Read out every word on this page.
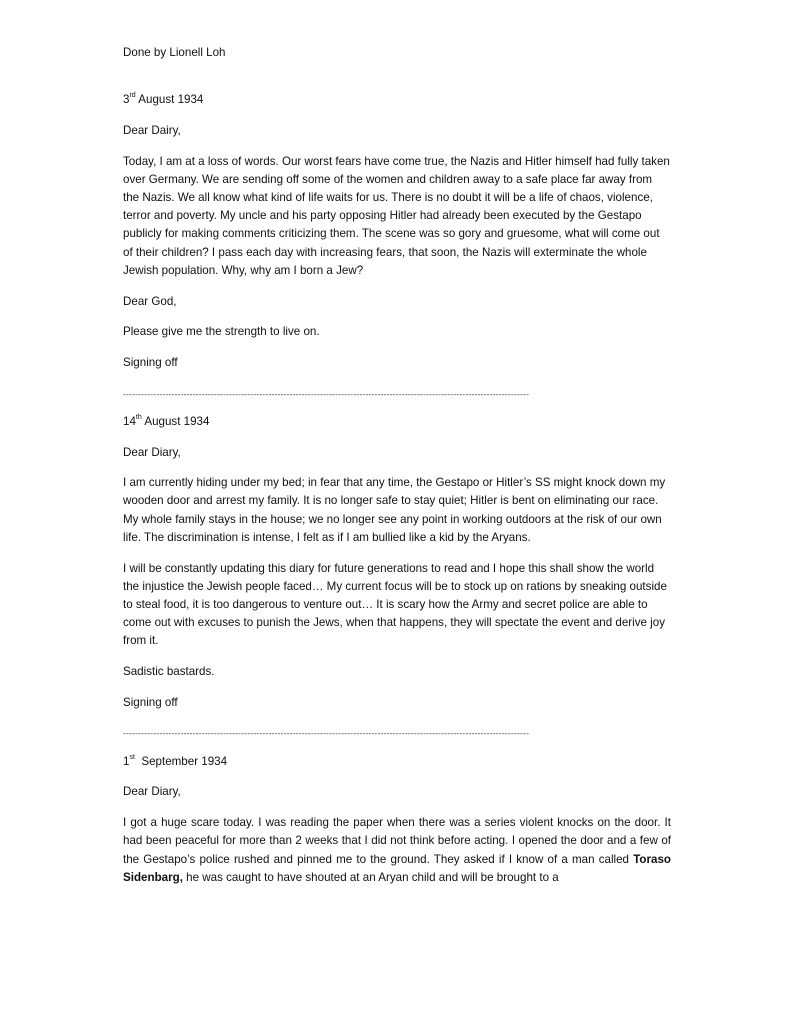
Done by Lionell Loh

3rd August 1934

Dear Dairy,

Today, I am at a loss of words. Our worst fears have come true, the Nazis and Hitler himself had fully taken over Germany. We are sending off some of the women and children away to a safe place far away from the Nazis. We all know what kind of life waits for us. There is no doubt it will be a life of chaos, violence, terror and poverty. My uncle and his party opposing Hitler had already been executed by the Gestapo publicly for making comments criticizing them. The scene was so gory and gruesome, what will come out of their children? I pass each day with increasing fears, that soon, the Nazis will exterminate the whole Jewish population. Why, why am I born a Jew?

Dear God,

Please give me the strength to live on.

Signing off

--------------------------------------------------------------------------------------------------------------------------------------

14th August 1934

Dear Diary,

I am currently hiding under my bed; in fear that any time, the Gestapo or Hitler’s SS might knock down my wooden door and arrest my family. It is no longer safe to stay quiet; Hitler is bent on eliminating our race. My whole family stays in the house; we no longer see any point in working outdoors at the risk of our own life. The discrimination is intense, I felt as if I am bullied like a kid by the Aryans.

I will be constantly updating this diary for future generations to read and I hope this shall show the world the injustice the Jewish people faced… My current focus will be to stock up on rations by sneaking outside to steal food, it is too dangerous to venture out… It is scary how the Army and secret police are able to come out with excuses to punish the Jews, when that happens, they will spectate the event and derive joy from it.

Sadistic bastards.

Signing off

--------------------------------------------------------------------------------------------------------------------------------------

1st  September 1934

Dear Diary,

I got a huge scare today. I was reading the paper when there was a series violent knocks on the door. It had been peaceful for more than 2 weeks that I did not think before acting. I opened the door and a few of the Gestapo’s police rushed and pinned me to the ground. They asked if I know of a man called Toraso Sidenbarg, he was caught to have shouted at an Aryan child and will be brought to a
